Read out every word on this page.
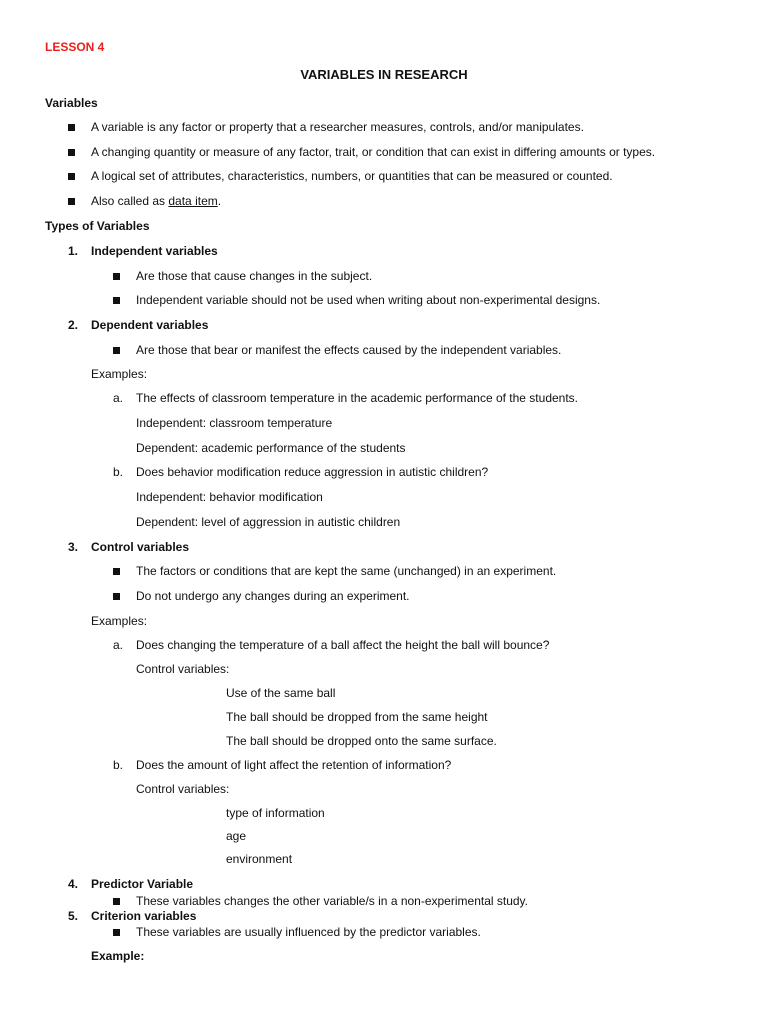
LESSON 4
VARIABLES IN RESEARCH
Variables
A variable is any factor or property that a researcher measures, controls, and/or manipulates.
A changing quantity or measure of any factor, trait, or condition that can exist in differing amounts or types.
A logical set of attributes, characteristics, numbers, or quantities that can be measured or counted.
Also called as data item.
Types of Variables
1. Independent variables
Are those that cause changes in the subject.
Independent variable should not be used when writing about non-experimental designs.
2. Dependent variables
Are those that bear or manifest the effects caused by the independent variables.
Examples:
a. The effects of classroom temperature in the academic performance of the students.
Independent: classroom temperature
Dependent: academic performance of the students
b. Does behavior modification reduce aggression in autistic children?
Independent: behavior modification
Dependent: level of aggression in autistic children
3. Control variables
The factors or conditions that are kept the same (unchanged) in an experiment.
Do not undergo any changes during an experiment.
Examples:
a. Does changing the temperature of a ball affect the height the ball will bounce?
Control variables:
Use of the same ball
The ball should be dropped from the same height
The ball should be dropped onto the same surface.
b. Does the amount of light affect the retention of information?
Control variables:
type of information
age
environment
4. Predictor Variable
These variables changes the other variable/s in a non-experimental study.
5. Criterion variables
These variables are usually influenced by the predictor variables.
Example:
